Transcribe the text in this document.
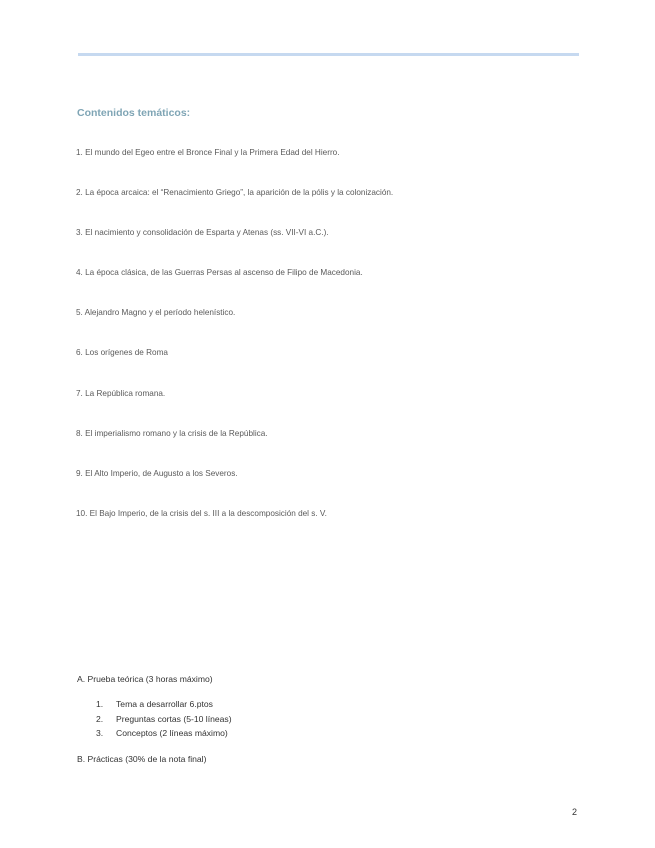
Contenidos temáticos:
1. El mundo del Egeo entre el Bronce Final y la Primera Edad del Hierro.
2. La época arcaica: el “Renacimiento Griego”, la aparición de la pólis y la colonización.
3. El nacimiento y consolidación de Esparta y Atenas (ss. VII-VI a.C.).
4. La época clásica, de las Guerras Persas al ascenso de Filipo de Macedonia.
5. Alejandro Magno y el período helenístico.
6. Los orígenes de Roma
7. La República romana.
8. El imperialismo romano y la crisis de la República.
9. El Alto Imperio, de Augusto a los Severos.
10. El Bajo Imperio, de la crisis del s. III a la descomposición del s. V.
A. Prueba teórica (3 horas máximo)
1. Tema a desarrollar 6.ptos
2. Preguntas cortas (5-10 líneas)
3. Conceptos (2 líneas máximo)
B. Prácticas (30% de la nota final)
2
